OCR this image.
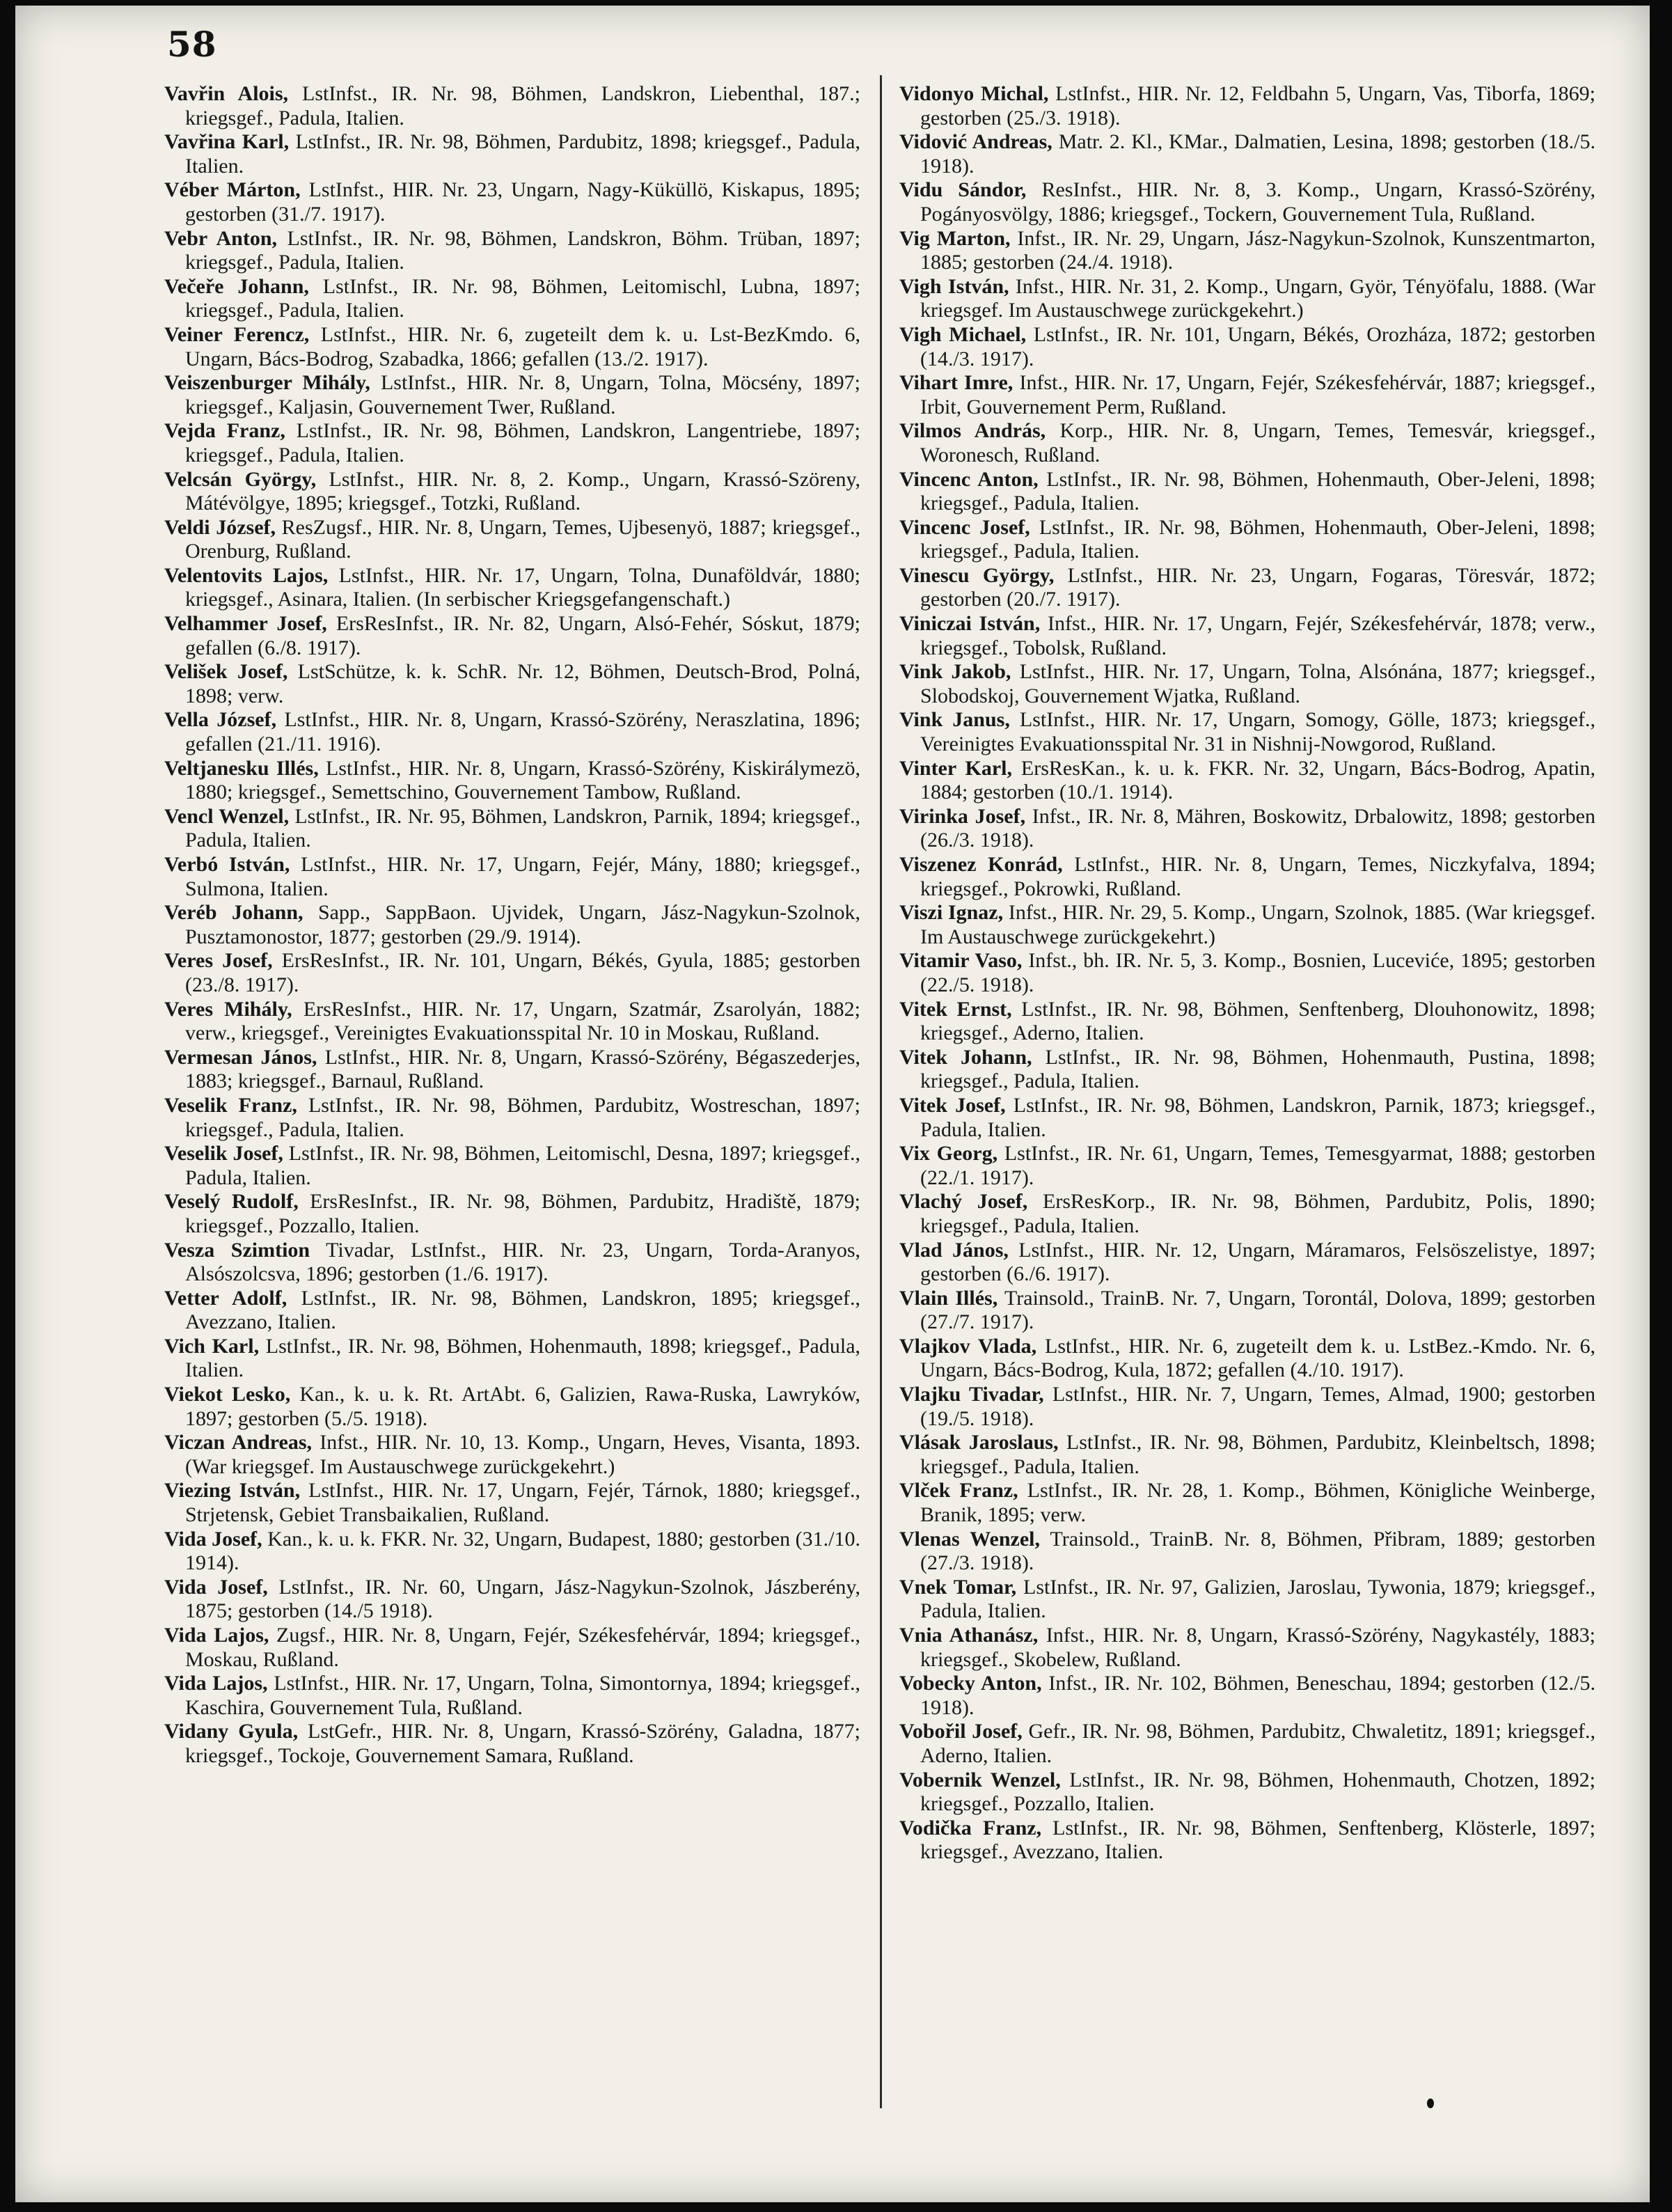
58

Vavřin Alois, LstInfst., IR. Nr. 98, Böhmen, Landskron, Liebenthal, 187.; kriegsgef., Padula, Italien.

Vavřina Karl, LstInfst., IR. Nr. 98, Böhmen, Pardubitz, 1898; kriegsgef., Padula, Italien.

Véber Márton, LstInfst., HIR. Nr. 23, Ungarn, Nagy-Küküllö, Kiskapus, 1895; gestorben (31./7. 1917).

Vebr Anton, LstInfst., IR. Nr. 98, Böhmen, Landskron, Böhm. Trüban, 1897; kriegsgef., Padula, Italien.

Večeře Johann, LstInfst., IR. Nr. 98, Böhmen, Leitomischl, Lubna, 1897; kriegsgef., Padula, Italien.

Veiner Ferencz, LstInfst., HIR. Nr. 6, zugeteilt dem k. u. Lst-BezKmdo. 6, Ungarn, Bács-Bodrog, Szabadka, 1866; gefallen (13./2. 1917).

Veiszenburger Mihály, LstInfst., HIR. Nr. 8, Ungarn, Tolna, Möcsény, 1897; kriegsgef., Kaljasin, Gouvernement Twer, Rußland.

Vejda Franz, LstInfst., IR. Nr. 98, Böhmen, Landskron, Langentriebe, 1897; kriegsgef., Padula, Italien.

Velcsán György, LstInfst., HIR. Nr. 8, 2. Komp., Ungarn, Krassó-Szöreny, Mátévölgye, 1895; kriegsgef., Totzki, Rußland.

Veldi József, ResZugsf., HIR. Nr. 8, Ungarn, Temes, Ujbesenyö, 1887; kriegsgef., Orenburg, Rußland.

Velentovits Lajos, LstInfst., HIR. Nr. 17, Ungarn, Tolna, Dunaföldvár, 1880; kriegsgef., Asinara, Italien. (In serbischer Kriegsgefangenschaft.)

Velhammer Josef, ErsResInfst., IR. Nr. 82, Ungarn, Alsó-Fehér, Sóskut, 1879; gefallen (6./8. 1917).

Velišek Josef, LstSchütze, k. k. SchR. Nr. 12, Böhmen, Deutsch-Brod, Polná, 1898; verw.

Vella József, LstInfst., HIR. Nr. 8, Ungarn, Krassó-Szörény, Neraszlatina, 1896; gefallen (21./11. 1916).

Veltjanesku Illés, LstInfst., HIR. Nr. 8, Ungarn, Krassó-Szörény, Kiskirálymezö, 1880; kriegsgef., Semettschino, Gouvernement Tambow, Rußland.

Vencl Wenzel, LstInfst., IR. Nr. 95, Böhmen, Landskron, Parnik, 1894; kriegsgef., Padula, Italien.

Verbó István, LstInfst., HIR. Nr. 17, Ungarn, Fejér, Mány, 1880; kriegsgef., Sulmona, Italien.

Veréb Johann, Sapp., SappBaon. Ujvidek, Ungarn, Jász-Nagykun-Szolnok, Pusztamonostor, 1877; gestorben (29./9. 1914).

Veres Josef, ErsResInfst., IR. Nr. 101, Ungarn, Békés, Gyula, 1885; gestorben (23./8. 1917).

Veres Mihály, ErsResInfst., HIR. Nr. 17, Ungarn, Szatmár, Zsarolyán, 1882; verw., kriegsgef., Vereinigtes Evakuationsspital Nr. 10 in Moskau, Rußland.

Vermesan János, LstInfst., HIR. Nr. 8, Ungarn, Krassó-Szörény, Bégaszederjes, 1883; kriegsgef., Barnaul, Rußland.

Veselik Franz, LstInfst., IR. Nr. 98, Böhmen, Pardubitz, Wostreschan, 1897; kriegsgef., Padula, Italien.

Veselik Josef, LstInfst., IR. Nr. 98, Böhmen, Leitomischl, Desna, 1897; kriegsgef., Padula, Italien.

Veselý Rudolf, ErsResInfst., IR. Nr. 98, Böhmen, Pardubitz, Hradiště, 1879; kriegsgef., Pozzallo, Italien.

Vesza Szimtion Tivadar, LstInfst., HIR. Nr. 23, Ungarn, Torda-Aranyos, Alsószolcsva, 1896; gestorben (1./6. 1917).

Vetter Adolf, LstInfst., IR. Nr. 98, Böhmen, Landskron, 1895; kriegsgef., Avezzano, Italien.

Vich Karl, LstInfst., IR. Nr. 98, Böhmen, Hohenmauth, 1898; kriegsgef., Padula, Italien.

Viekot Lesko, Kan., k. u. k. Rt. ArtAbt. 6, Galizien, Rawa-Ruska, Lawryków, 1897; gestorben (5./5. 1918).

Viczan Andreas, Infst., HIR. Nr. 10, 13. Komp., Ungarn, Heves, Visanta, 1893. (War kriegsgef. Im Austauschwege zurückgekehrt.)

Viezing István, LstInfst., HIR. Nr. 17, Ungarn, Fejér, Tárnok, 1880; kriegsgef., Strjetensk, Gebiet Transbaikalien, Rußland.

Vida Josef, Kan., k. u. k. FKR. Nr. 32, Ungarn, Budapest, 1880; gestorben (31./10. 1914).

Vida Josef, LstInfst., IR. Nr. 60, Ungarn, Jász-Nagykun-Szolnok, Jászberény, 1875; gestorben (14./5 1918).

Vida Lajos, Zugsf., HIR. Nr. 8, Ungarn, Fejér, Székesfehérvár, 1894; kriegsgef., Moskau, Rußland.

Vida Lajos, LstInfst., HIR. Nr. 17, Ungarn, Tolna, Simontornya, 1894; kriegsgef., Kaschira, Gouvernement Tula, Rußland.

Vidany Gyula, LstGefr., HIR. Nr. 8, Ungarn, Krassó-Szörény, Galadna, 1877; kriegsgef., Tockoje, Gouvernement Samara, Rußland.

Vidonyo Michal, LstInfst., HIR. Nr. 12, Feldbahn 5, Ungarn, Vas, Tiborfa, 1869; gestorben (25./3. 1918).

Vidović Andreas, Matr. 2. Kl., KMar., Dalmatien, Lesina, 1898; gestorben (18./5. 1918).

Vidu Sándor, ResInfst., HIR. Nr. 8, 3. Komp., Ungarn, Krassó-Szörény, Pogányosvölgy, 1886; kriegsgef., Tockern, Gouvernement Tula, Rußland.

Vig Marton, Infst., IR. Nr. 29, Ungarn, Jász-Nagykun-Szolnok, Kunszentmarton, 1885; gestorben (24./4. 1918).

Vigh István, Infst., HIR. Nr. 31, 2. Komp., Ungarn, Györ, Tényöfalu, 1888. (War kriegsgef. Im Austauschwege zurückgekehrt.)

Vigh Michael, LstInfst., IR. Nr. 101, Ungarn, Békés, Orozháza, 1872; gestorben (14./3. 1917).

Vihart Imre, Infst., HIR. Nr. 17, Ungarn, Fejér, Székesfehérvár, 1887; kriegsgef., Irbit, Gouvernement Perm, Rußland.

Vilmos András, Korp., HIR. Nr. 8, Ungarn, Temes, Temesvár, kriegsgef., Woronesch, Rußland.

Vincenc Anton, LstInfst., IR. Nr. 98, Böhmen, Hohenmauth, Ober-Jeleni, 1898; kriegsgef., Padula, Italien.

Vincenc Josef, LstInfst., IR. Nr. 98, Böhmen, Hohenmauth, Ober-Jeleni, 1898; kriegsgef., Padula, Italien.

Vinescu György, LstInfst., HIR. Nr. 23, Ungarn, Fogaras, Töresvár, 1872; gestorben (20./7. 1917).

Viniczai István, Infst., HIR. Nr. 17, Ungarn, Fejér, Székesfehérvár, 1878; verw., kriegsgef., Tobolsk, Rußland.

Vink Jakob, LstInfst., HIR. Nr. 17, Ungarn, Tolna, Alsónána, 1877; kriegsgef., Slobodskoj, Gouvernement Wjatka, Rußland.

Vink Janus, LstInfst., HIR. Nr. 17, Ungarn, Somogy, Gölle, 1873; kriegsgef., Vereinigtes Evakuationsspital Nr. 31 in Nishnij-Nowgorod, Rußland.

Vinter Karl, ErsResKan., k. u. k. FKR. Nr. 32, Ungarn, Bács-Bodrog, Apatin, 1884; gestorben (10./1. 1914).

Virinka Josef, Infst., IR. Nr. 8, Mähren, Boskowitz, Drbalowitz, 1898; gestorben (26./3. 1918).

Viszenez Konrád, LstInfst., HIR. Nr. 8, Ungarn, Temes, Niczkyfalva, 1894; kriegsgef., Pokrowki, Rußland.

Viszi Ignaz, Infst., HIR. Nr. 29, 5. Komp., Ungarn, Szolnok, 1885. (War kriegsgef. Im Austauschwege zurückgekehrt.)

Vitamir Vaso, Infst., bh. IR. Nr. 5, 3. Komp., Bosnien, Luceviće, 1895; gestorben (22./5. 1918).

Vitek Ernst, LstInfst., IR. Nr. 98, Böhmen, Senftenberg, Dlouhonowitz, 1898; kriegsgef., Aderno, Italien.

Vitek Johann, LstInfst., IR. Nr. 98, Böhmen, Hohenmauth, Pustina, 1898; kriegsgef., Padula, Italien.

Vitek Josef, LstInfst., IR. Nr. 98, Böhmen, Landskron, Parnik, 1873; kriegsgef., Padula, Italien.

Vix Georg, LstInfst., IR. Nr. 61, Ungarn, Temes, Temesgyarmat, 1888; gestorben (22./1. 1917).

Vlachý Josef, ErsResKorp., IR. Nr. 98, Böhmen, Pardubitz, Polis, 1890; kriegsgef., Padula, Italien.

Vlad János, LstInfst., HIR. Nr. 12, Ungarn, Máramaros, Felsöszelistye, 1897; gestorben (6./6. 1917).

Vlain Illés, Trainsold., TrainB. Nr. 7, Ungarn, Torontál, Dolova, 1899; gestorben (27./7. 1917).

Vlajkov Vlada, LstInfst., HIR. Nr. 6, zugeteilt dem k. u. LstBez.-Kmdo. Nr. 6, Ungarn, Bács-Bodrog, Kula, 1872; gefallen (4./10. 1917).

Vlajku Tivadar, LstInfst., HIR. Nr. 7, Ungarn, Temes, Almad, 1900; gestorben (19./5. 1918).

Vlásak Jaroslaus, LstInfst., IR. Nr. 98, Böhmen, Pardubitz, Kleinbeltsch, 1898; kriegsgef., Padula, Italien.

Vlček Franz, LstInfst., IR. Nr. 28, 1. Komp., Böhmen, Königliche Weinberge, Branik, 1895; verw.

Vlenas Wenzel, Trainsold., TrainB. Nr. 8, Böhmen, Přibram, 1889; gestorben (27./3. 1918).

Vnek Tomar, LstInfst., IR. Nr. 97, Galizien, Jaroslau, Tywonia, 1879; kriegsgef., Padula, Italien.

Vnia Athanász, Infst., HIR. Nr. 8, Ungarn, Krassó-Szörény, Nagykastély, 1883; kriegsgef., Skobelew, Rußland.

Vobecky Anton, Infst., IR. Nr. 102, Böhmen, Beneschau, 1894; gestorben (12./5. 1918).

Vobořil Josef, Gefr., IR. Nr. 98, Böhmen, Pardubitz, Chwaletitz, 1891; kriegsgef., Aderno, Italien.

Vobernik Wenzel, LstInfst., IR. Nr. 98, Böhmen, Hohenmauth, Chotzen, 1892; kriegsgef., Pozzallo, Italien.

Vodička Franz, LstInfst., IR. Nr. 98, Böhmen, Senftenberg, Klösterle, 1897; kriegsgef., Avezzano, Italien.
